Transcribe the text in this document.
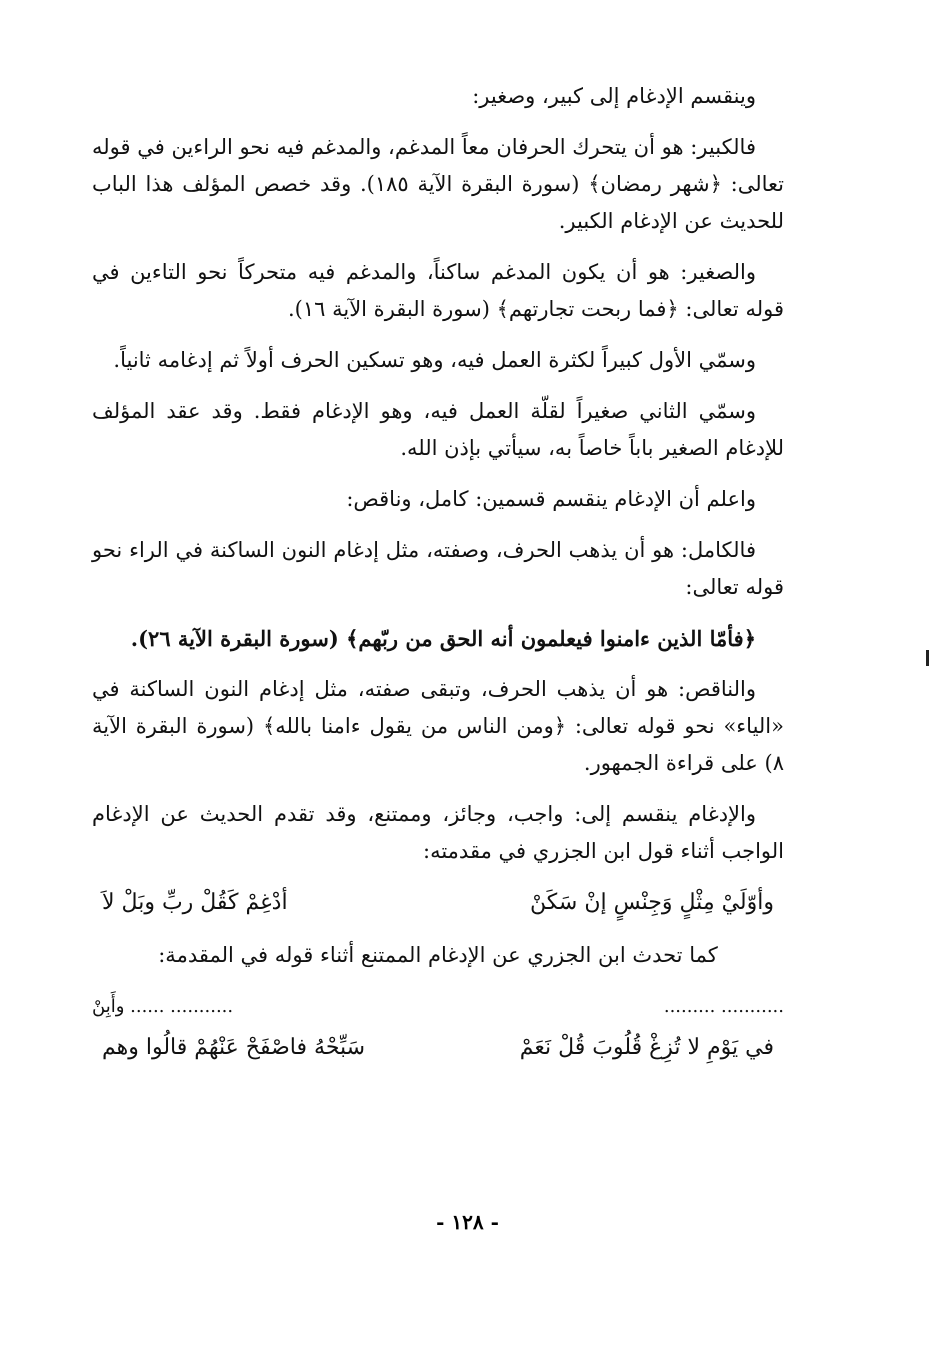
وينقسم الإدغام إلى كبير، وصغير:

فالكبير: هو أن يتحرك الحرفان معاً المدغم، والمدغم فيه نحو الراءين في قوله تعالى: ﴿شهر رمضان﴾ (سورة البقرة الآية ١٨٥). وقد خصص المؤلف هذا الباب للحديث عن الإدغام الكبير.

والصغير: هو أن يكون المدغم ساكناً، والمدغم فيه متحركاً نحو التاءين في قوله تعالى: ﴿فما ربحت تجارتهم﴾ (سورة البقرة الآية ١٦).

وسمّي الأول كبيراً لكثرة العمل فيه، وهو تسكين الحرف أولاً ثم إدغامه ثانياً.

وسمّي الثاني صغيراً لقلّة العمل فيه، وهو الإدغام فقط. وقد عقد المؤلف للإدغام الصغير باباً خاصاً به، سيأتي بإذن الله.

واعلم أن الإدغام ينقسم قسمين: كامل، وناقص:

فالكامل: هو أن يذهب الحرف، وصفته، مثل إدغام النون الساكنة في الراء نحو قوله تعالى:

﴿فأمّا الذين ءامنوا فيعلمون أنه الحق من ربّهم﴾ (سورة البقرة الآية ٢٦).

والناقص: هو أن يذهب الحرف، وتبقى صفته، مثل إدغام النون الساكنة في «الياء» نحو قوله تعالى: ﴿ومن الناس من يقول ءامنا بالله﴾ (سورة البقرة الآية ٨) على قراءة الجمهور.

والإدغام ينقسم إلى: واجب، وجائز، وممتنع، وقد تقدم الحديث عن الإدغام الواجب أثناء قول ابن الجزري في مقدمته:

وأوّلَيْ مِثْلٍ وَجِنْسٍ إنْ سَكَنْ
أدْغِمْ كَقُلْ ربِّ وبَلْ لاَ

كما تحدث ابن الجزري عن الإدغام الممتنع أثناء قوله في المقدمة:

........... .........
........... ...... وأَبِنْ
في يَوْمِ لا تُزِغْ قُلُوبَ قُلْ نَعَمْ
سَبِّحْهُ فاصْفَحْ عَنْهُمْ قالُوا وهم
- ١٢٨ -
